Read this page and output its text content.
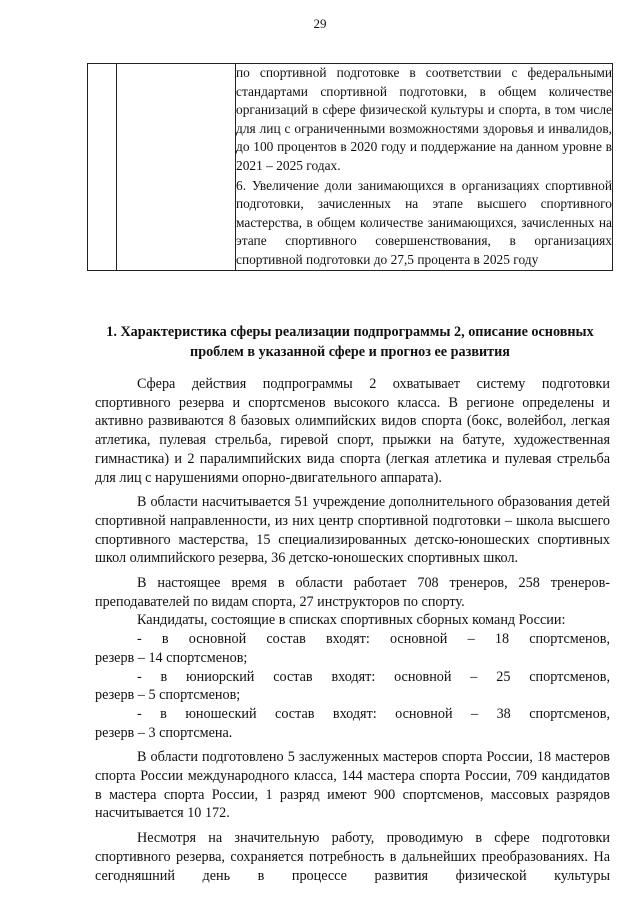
29

по спортивной подготовке в соответствии с федеральными стандартами спортивной подготовки, в общем количестве организаций в сфере физической культуры и спорта, в том числе для лиц с ограниченными возможностями здоровья и инвалидов, до 100 процентов в 2020 году и поддержание на данном уровне в 2021 – 2025 годах.

6. Увеличение доли занимающихся в организациях спортивной подготовки, зачисленных на этапе высшего спортивного мастерства, в общем количестве занимающихся, зачисленных на этапе спортивного совершенствования, в организациях спортивной подготовки до 27,5 процента в 2025 году

1. Характеристика сферы реализации подпрограммы 2, описание основных проблем в указанной сфере и прогноз ее развития

Сфера действия подпрограммы 2 охватывает систему подготовки спортивного резерва и спортсменов высокого класса. В регионе определены и активно развиваются 8 базовых олимпийских видов спорта (бокс, волейбол, легкая атлетика, пулевая стрельба, гиревой спорт, прыжки на батуте, художественная гимнастика) и 2 паралимпийских вида спорта (легкая атлетика и пулевая стрельба для лиц с нарушениями опорно-двигательного аппарата).

В области насчитывается 51 учреждение дополнительного образования детей спортивной направленности, из них центр спортивной подготовки – школа высшего спортивного мастерства, 15 специализированных детско-юношеских спортивных школ олимпийского резерва, 36 детско-юношеских спортивных школ.

В настоящее время в области работает 708 тренеров, 258 тренеров-преподавателей по видам спорта, 27 инструкторов по спорту.

Кандидаты, состоящие в списках спортивных сборных команд России:

- в основной состав входят: основной – 18 спортсменов,

резерв – 14 спортсменов;

- в юниорский состав входят: основной – 25 спортсменов,

резерв – 5 спортсменов;

- в юношеский состав входят: основной – 38 спортсменов,

резерв – 3 спортсмена.

В области подготовлено 5 заслуженных мастеров спорта России, 18 мастеров спорта России международного класса, 144 мастера спорта России, 709 кандидатов в мастера спорта России, 1 разряд имеют 900 спортсменов, массовых разрядов насчитывается 10 172.

Несмотря на значительную работу, проводимую в сфере подготовки спортивного резерва, сохраняется потребность в дальнейших преобразованиях. На сегодняшний день в процессе развития физической культуры
